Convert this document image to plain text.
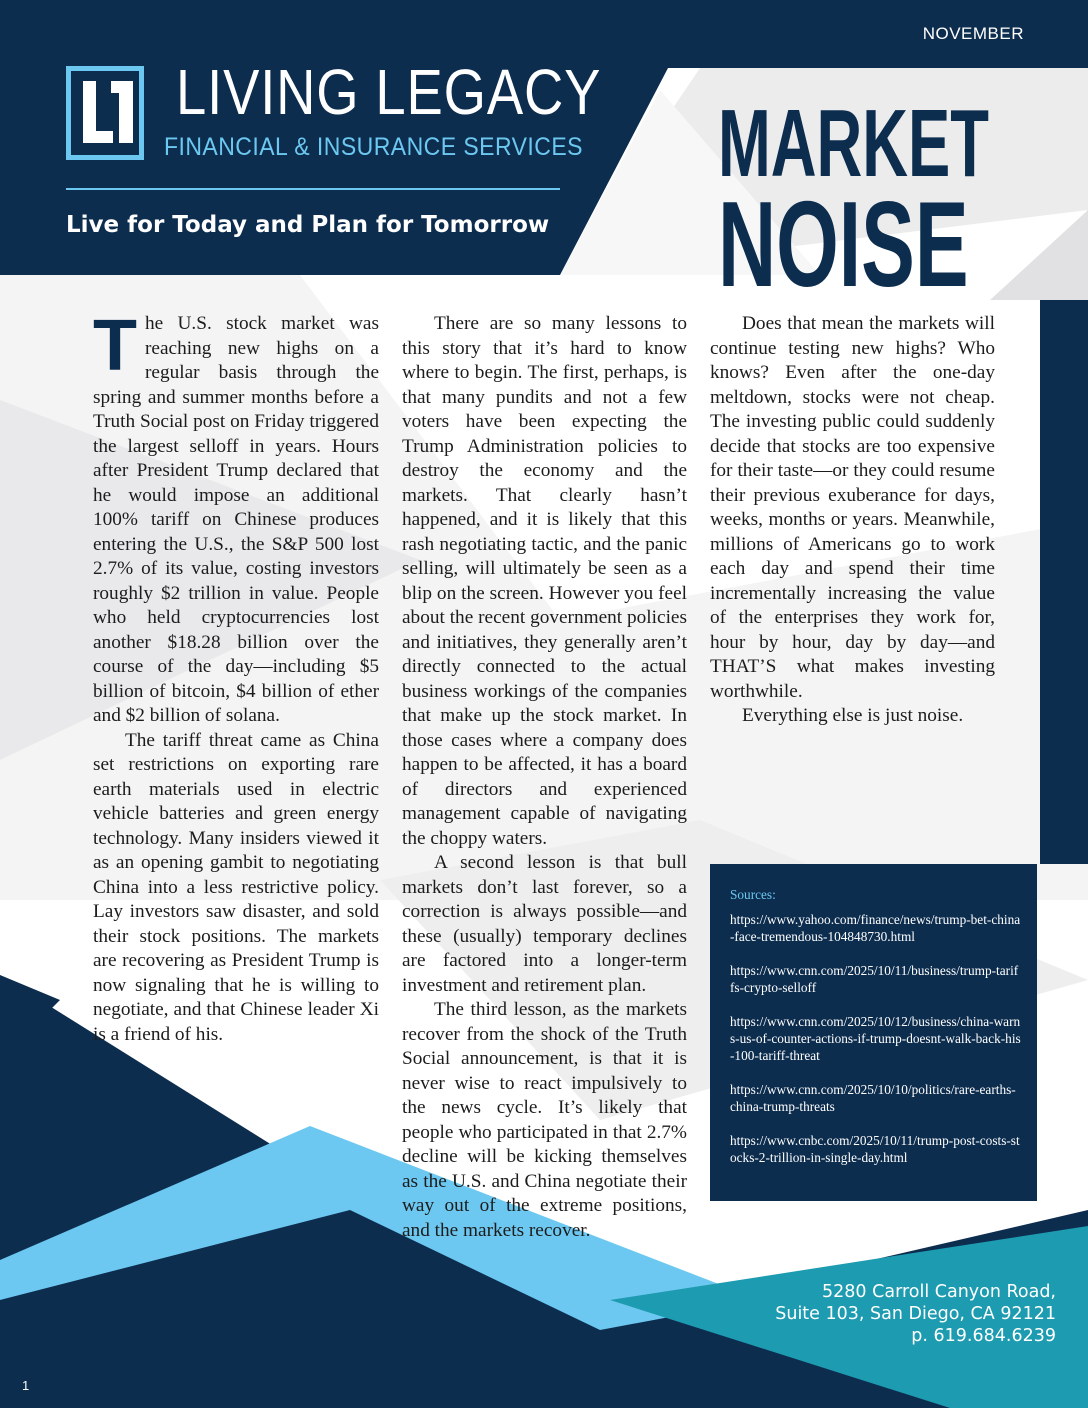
NOVEMBER
LIVING LEGACY
FINANCIAL & INSURANCE SERVICES
Live for Today and Plan for Tomorrow
MARKET
NOISE

The U.S. stock market was reaching new highs on a regular basis through the spring and summer months before a Truth Social post on Friday triggered the largest selloff in years. Hours after President Trump declared that he would impose an additional 100% tariff on Chinese produces entering the U.S., the S&P 500 lost 2.7% of its value, costing investors roughly $2 trillion in value. People who held cryptocurrencies lost another $18.28 billion over the course of the day—including $5 billion of bitcoin, $4 billion of ether and $2 billion of solana.

The tariff threat came as China set restrictions on exporting rare earth materials used in electric vehicle batteries and green energy technology. Many insiders viewed it as an opening gambit to negotiating China into a less restrictive policy. Lay investors saw disaster, and sold their stock positions. The markets are recovering as President Trump is now signaling that he is willing to negotiate, and that Chinese leader Xi is a friend of his.

There are so many lessons to this story that it’s hard to know where to begin. The first, perhaps, is that many pundits and not a few voters have been expecting the Trump Administration policies to destroy the economy and the markets. That clearly hasn’t happened, and it is likely that this rash negotiating tactic, and the panic selling, will ultimately be seen as a blip on the screen. However you feel about the recent government policies and initiatives, they generally aren’t directly connected to the actual business workings of the companies that make up the stock market. In those cases where a company does happen to be affected, it has a board of directors and experienced management capable of navigating the choppy waters.

A second lesson is that bull markets don’t last forever, so a correction is always possible—and these (usually) temporary declines are factored into a longer-term investment and retirement plan.

The third lesson, as the markets recover from the shock of the Truth Social announcement, is that it is never wise to react impulsively to the news cycle. It’s likely that people who participated in that 2.7% decline will be kicking themselves as the U.S. and China negotiate their way out of the extreme positions, and the markets recover.

Does that mean the markets will continue testing new highs? Who knows? Even after the one-day meltdown, stocks were not cheap. The investing public could suddenly decide that stocks are too expensive for their taste—or they could resume their previous exuberance for days, weeks, months or years. Meanwhile, millions of Americans go to work each day and spend their time incrementally increasing the value of the enterprises they work for, hour by hour, day by day—and THAT’S what makes investing worthwhile.

Everything else is just noise.

Sources:
https://www.yahoo.com/finance/news/trump-bet-china-face-tremendous-104848730.html
https://www.cnn.com/2025/10/11/business/trump-tariffs-crypto-selloff
https://www.cnn.com/2025/10/12/business/china-warns-us-of-counter-actions-if-trump-doesnt-walk-back-his-100-tariff-threat
https://www.cnn.com/2025/10/10/politics/rare-earths-china-trump-threats
https://www.cnbc.com/2025/10/11/trump-post-costs-stocks-2-trillion-in-single-day.html
5280 Carroll Canyon Road,
Suite 103, San Diego, CA 92121
p. 619.684.6239
1
